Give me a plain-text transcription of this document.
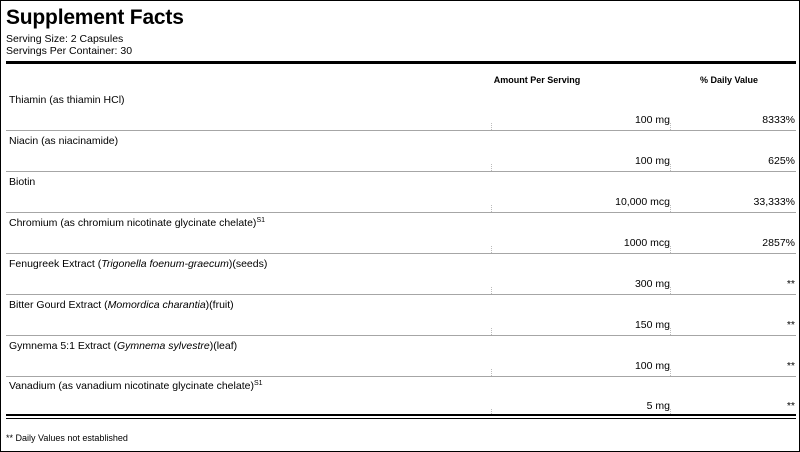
Supplement Facts
Serving Size: 2 Capsules
Servings Per Container: 30
Amount Per Serving	% Daily Value
Thiamin (as thiamin HCl)
100 mg	8333%
Niacin (as niacinamide)
100 mg	625%
Biotin
10,000 mcg	33,333%
Chromium (as chromium nicotinate glycinate chelate)$^{S1}$
1000 mcg	2857%
Fenugreek Extract (Trigonella foenum-graecum)(seeds)
300 mg	**
Bitter Gourd Extract (Momordica charantia)(fruit)
150 mg	**
Gymnema 5:1 Extract (Gymnema sylvestre)(leaf)
100 mg	**
Vanadium (as vanadium nicotinate glycinate chelate)$^{S1}$
5 mg	**
** Daily Values not established
